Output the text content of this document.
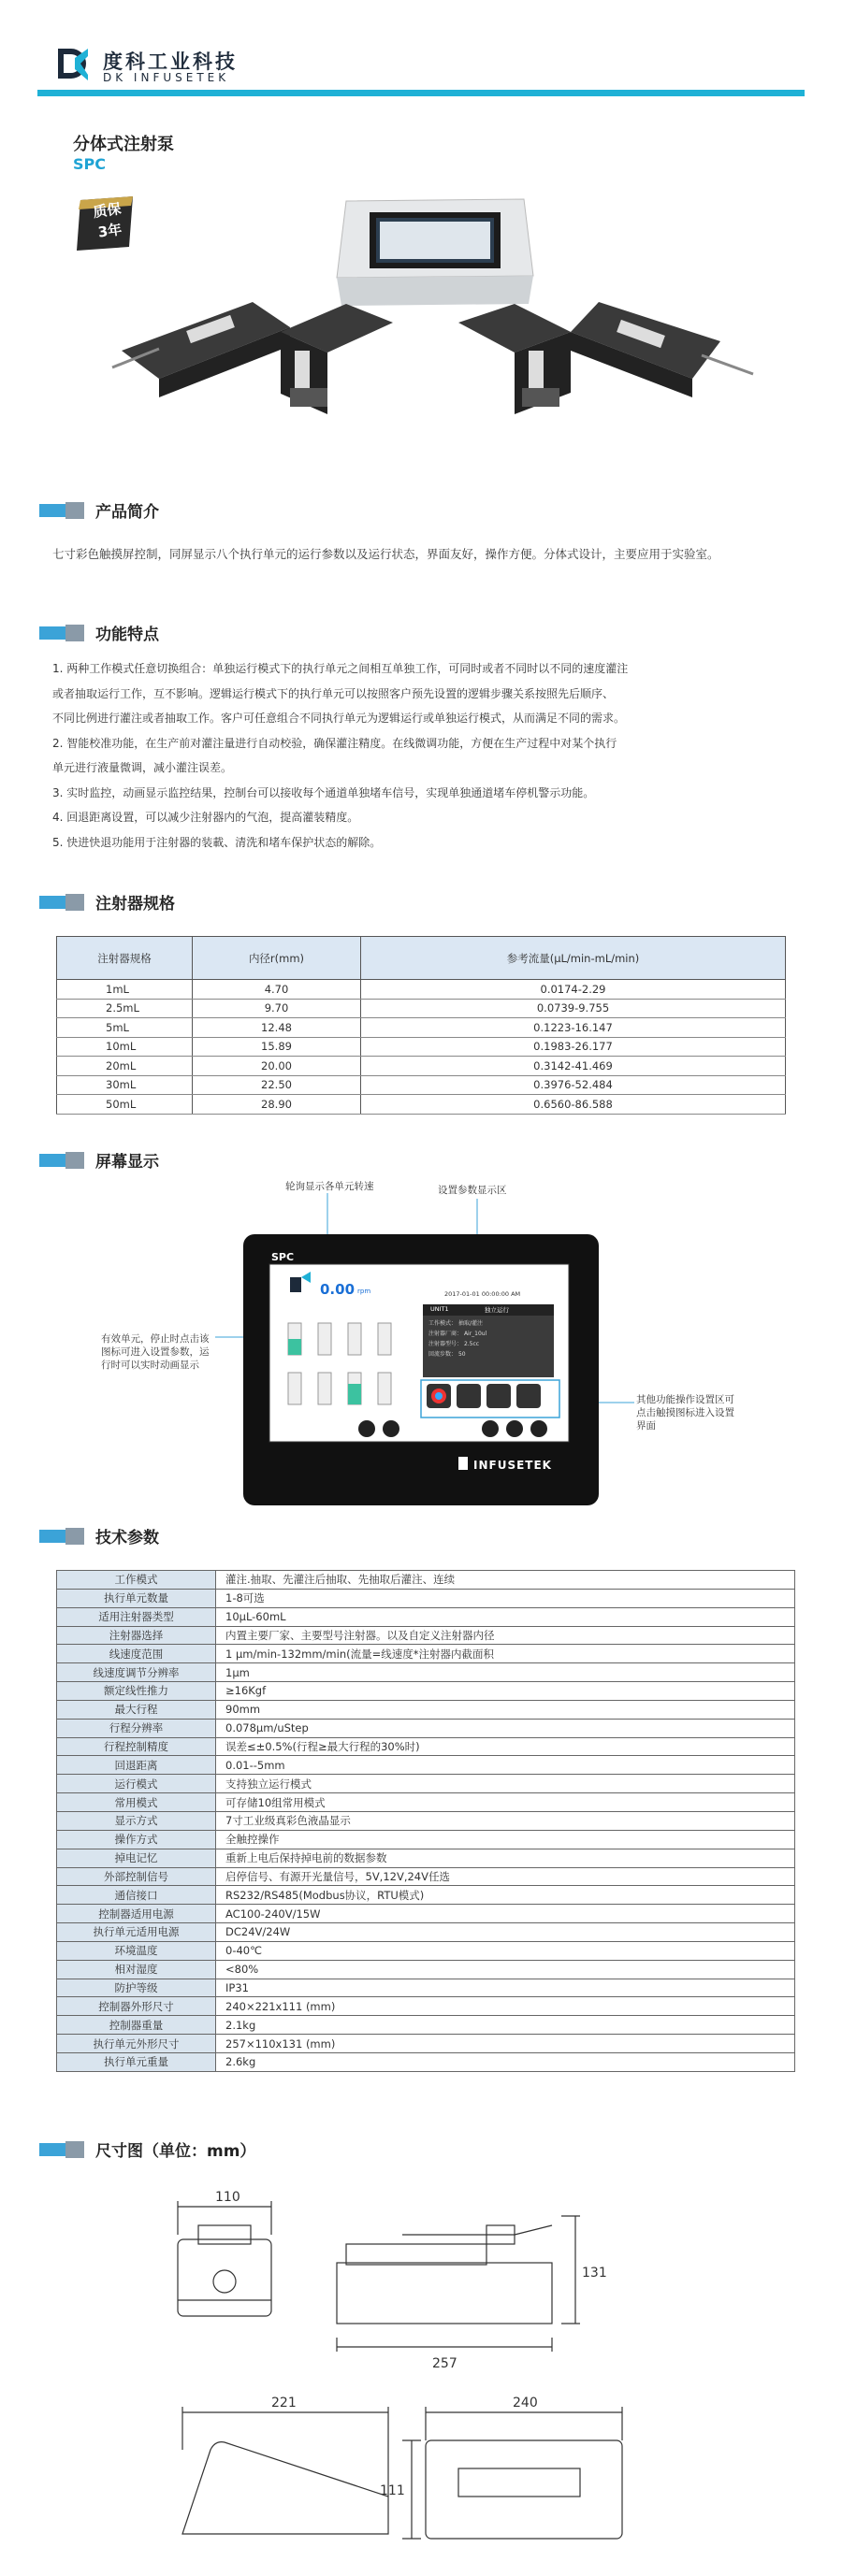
度科工业科技
DK INFUSETEK
分体式注射泵
SPC
质保
3年
产品简介
七寸彩色触摸屏控制，同屏显示八个执行单元的运行参数以及运行状态，界面友好，操作方便。分体式设计，主要应用于实验室。
功能特点
1. 两种工作模式任意切换组合：单独运行模式下的执行单元之间相互单独工作，可同时或者不同时以不同的速度灌注
或者抽取运行工作，互不影响。逻辑运行模式下的执行单元可以按照客户预先设置的逻辑步骤关系按照先后顺序、
不同比例进行灌注或者抽取工作。客户可任意组合不同执行单元为逻辑运行或单独运行模式，从而满足不同的需求。
2. 智能校准功能，在生产前对灌注量进行自动校验，确保灌注精度。在线微调功能，方便在生产过程中对某个执行
单元进行液量微调，减小灌注误差。
3. 实时监控，动画显示监控结果，控制台可以接收每个通道单独堵车信号，实现单独通道堵车停机警示功能。
4. 回退距离设置，可以减少注射器内的气泡，提高灌装精度。
5. 快进快退功能用于注射器的装載、清洗和堵车保护状态的解除。
注射器规格
注射器规格	内径r(mm)	参考流量(μL/min-mL/min)
1mL	4.70	0.0174-2.29
2.5mL	9.70	0.0739-9.755
5mL	12.48	0.1223-16.147
10mL	15.89	0.1983-26.177
20mL	20.00	0.3142-41.469
30mL	22.50	0.3976-52.484
50mL	28.90	0.6560-86.588
屏幕显示
轮询显示各单元转速	设置参数显示区
有效单元，停止时点击该图标可进入设置参数，运行时可以实时动画显示
其他功能操作设置区可点击触摸图标进入设置界面
SPC
0.00 rpm	2017-01-01 00:00:00 AM
UNIT1	独立运行
工作模式： 抽取/灌注
注射器厂商： Air_10ul
注射器型号： 2.5cc
回流步数： 50
INFUSETEK
技术参数
工作模式	灌注.抽取、先灌注后抽取、先抽取后灌注、连续
执行单元数量	1-8可选
适用注射器类型	10μL-60mL
注射器选择	内置主要厂家、主要型号注射器。以及自定义注射器内径
线速度范围	1 μm/min-132mm/min(流量=线速度*注射器内截面积
线速度调节分辨率	1μm
额定线性推力	≥16Kgf
最大行程	90mm
行程分辨率	0.078μm/uStep
行程控制精度	误差≤±0.5%(行程≥最大行程的30%时)
回退距离	0.01--5mm
运行模式	支持独立运行模式
常用模式	可存储10组常用模式
显示方式	7寸工业级真彩色液晶显示
操作方式	全触控操作
掉电记忆	重新上电后保持掉电前的数据参数
外部控制信号	启停信号、有源开光量信号，5V,12V,24V任选
通信接口	RS232/RS485(Modbus协议，RTU模式)
控制器适用电源	AC100-240V/15W
执行单元适用电源	DC24V/24W
环境温度	0-40℃
相对湿度	<80%
防护等级	IP31
控制器外形尺寸	240×221x111 (mm)
控制器重量	2.1kg
执行单元外形尺寸	257×110x131 (mm)
执行单元重量	2.6kg
尺寸图（单位：mm）
110
257
131
221	240
111
